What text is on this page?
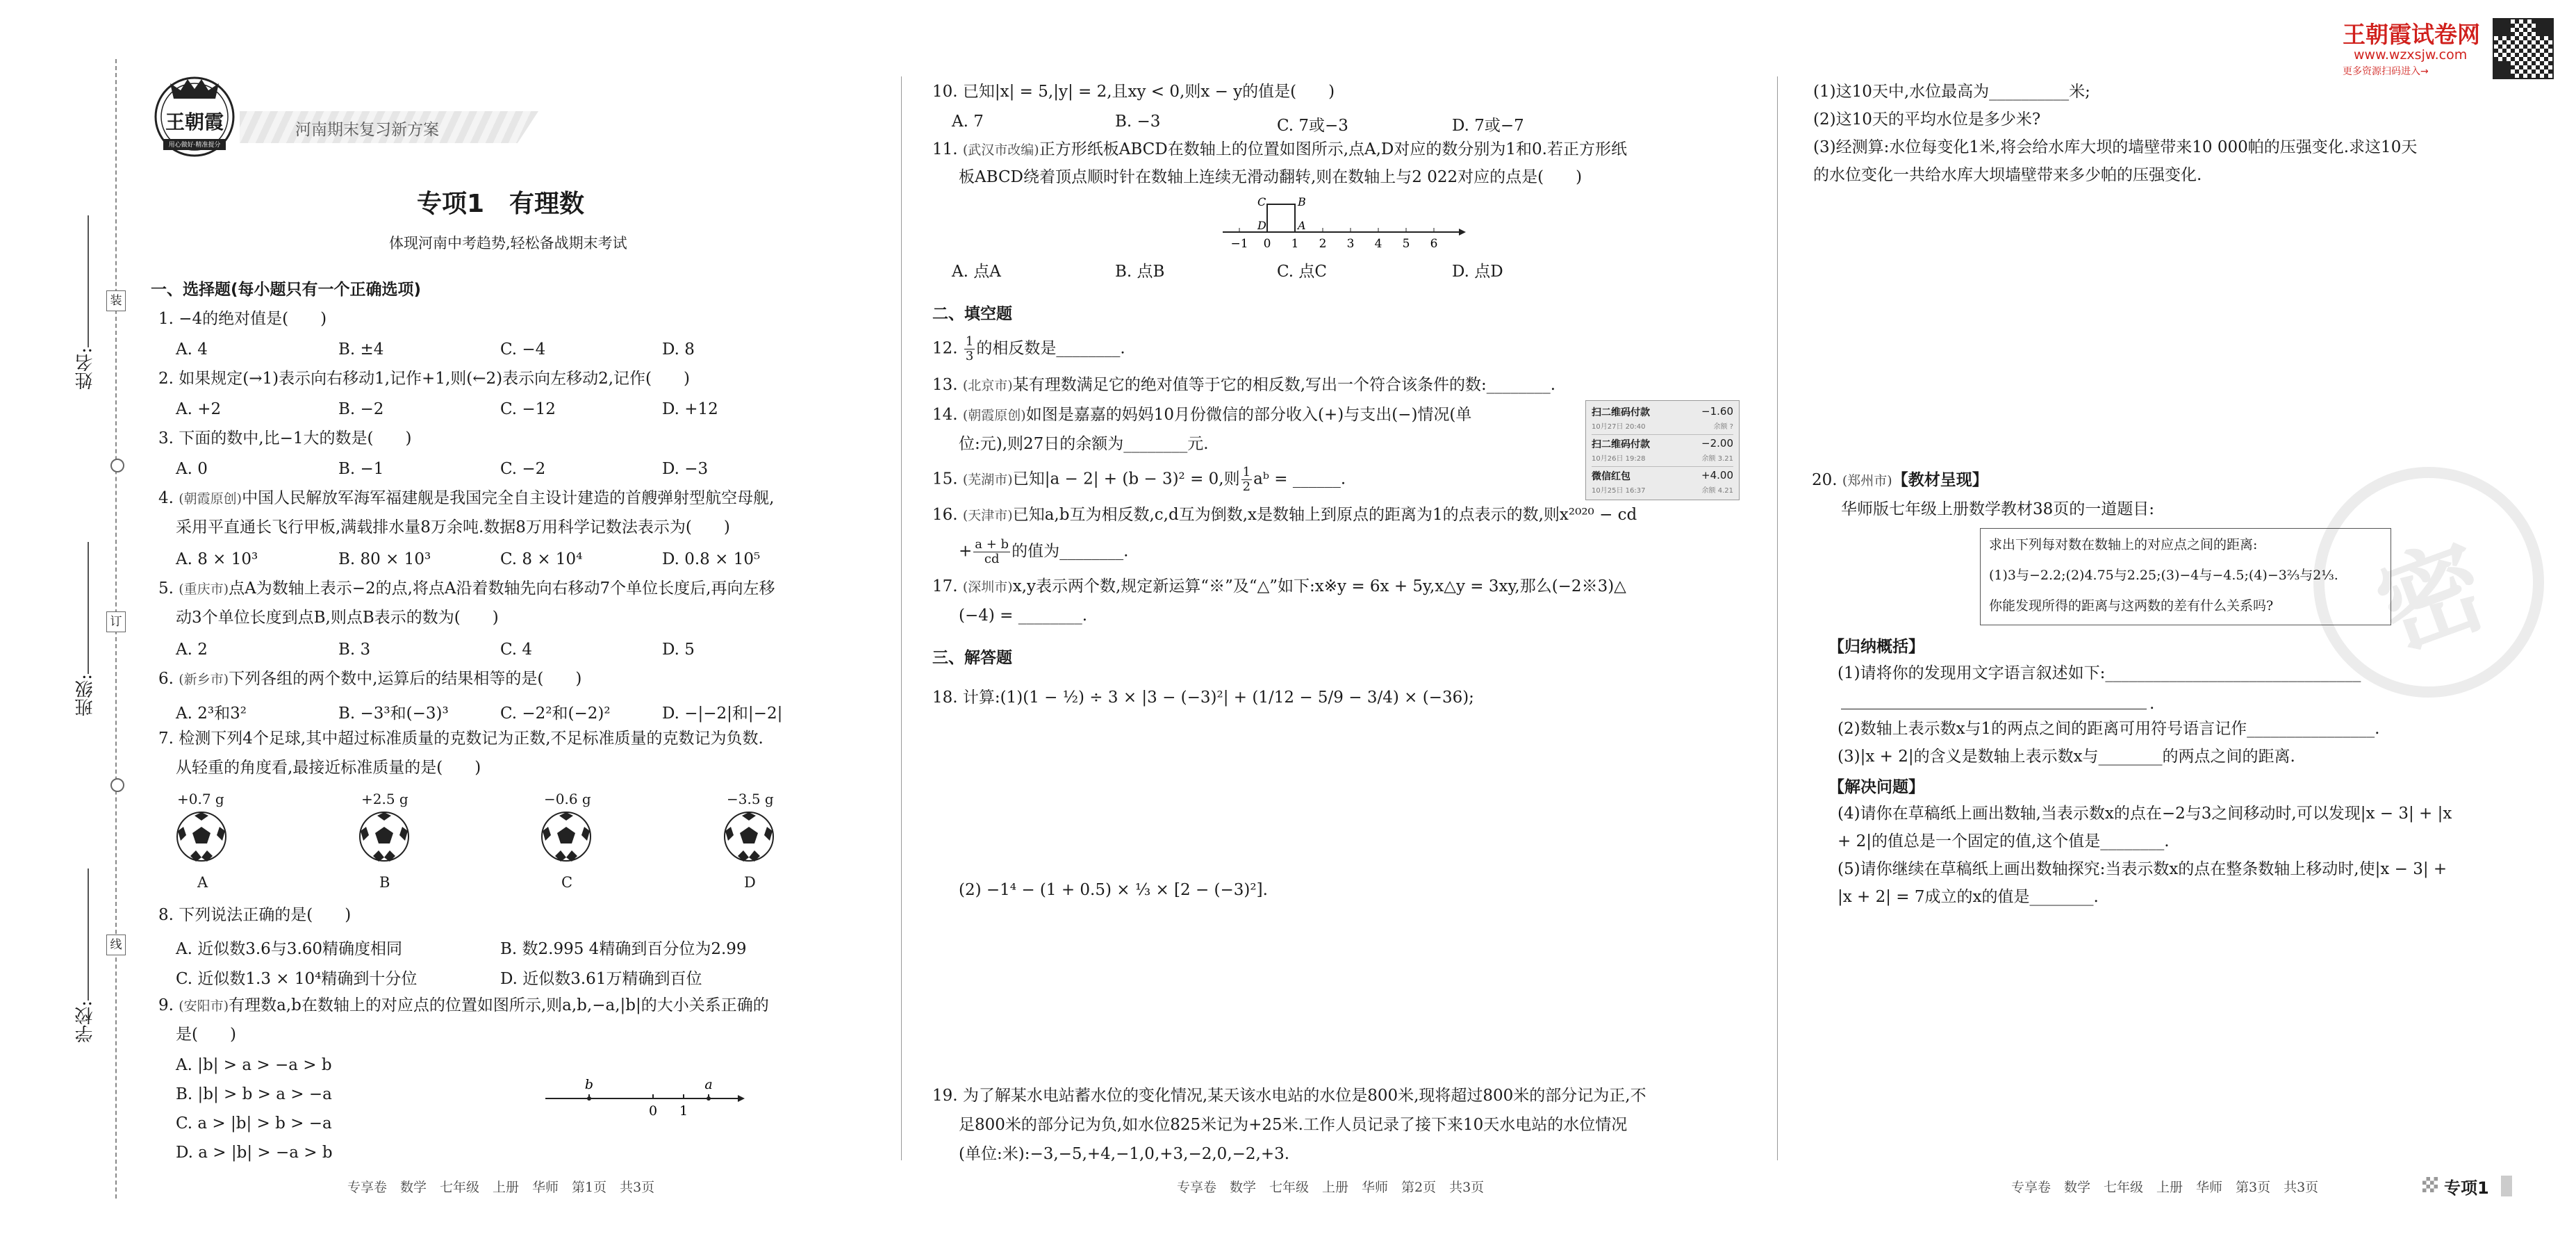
姓名:
班级:
学校:
装
订
线
王朝霞
用心做好·精准提分
河南期末复习新方案
专项1　有理数
体现河南中考趋势,轻松备战期末考试
一、选择题(每小题只有一个正确选项)
1. −4的绝对值是(　　)
A. 4	B. ±4	C. −4	D. 8
2. 如果规定(→1)表示向右移动1,记作+1,则(←2)表示向左移动2,记作(　　)
A. +2	B. −2	C. −12	D. +12
3. 下面的数中,比−1大的数是(　　)
A. 0	B. −1	C. −2	D. −3
4. (朝霞原创)中国人民解放军海军福建舰是我国完全自主设计建造的首艘弹射型航空母舰,
采用平直通长飞行甲板,满载排水量8万余吨.数据8万用科学记数法表示为(　　)
A. 8 × 10³	B. 80 × 10³	C. 8 × 10⁴	D. 0.8 × 10⁵
5. (重庆市)点A为数轴上表示−2的点,将点A沿着数轴先向右移动7个单位长度后,再向左移
动3个单位长度到点B,则点B表示的数为(　　)
A. 2	B. 3	C. 4	D. 5
6. (新乡市)下列各组的两个数中,运算后的结果相等的是(　　)
A. 2³和3²	B. −3³和(−3)³	C. −2²和(−2)²	D. −|−2|和|−2|
7. 检测下列4个足球,其中超过标准质量的克数记为正数,不足标准质量的克数记为负数.
从轻重的角度看,最接近标准质量的是(　　)
+0.7 g	+2.5 g	−0.6 g	−3.5 g
A	B	C	D
8. 下列说法正确的是(　　)
A. 近似数3.6与3.60精确度相同	B. 数2.995 4精确到百分位为2.99
C. 近似数1.3 × 10⁴精确到十分位	D. 近似数3.61万精确到百位
9. (安阳市)有理数a,b在数轴上的对应点的位置如图所示,则a,b,−a,|b|的大小关系正确的
是(　　)
A. |b| > a > −a > b
B. |b| > b > a > −a
C. a > |b| > b > −a
D. a > |b| > −a > b
b
0 1
a
专享卷　数学　七年级　上册　华师　第1页　共3页
10. 已知|x| = 5,|y| = 2,且xy < 0,则x − y的值是(　　)
A. 7	B. −3	C. 7或−3	D. 7或−7
11. (武汉市改编)正方形纸板ABCD在数轴上的位置如图所示,点A,D对应的数分别为1和0.若正方形纸
板ABCD绕着顶点顺时针在数轴上连续无滑动翻转,则在数轴上与2 022对应的点是(　　)
−1 0 1 2 3 4 5 6
C	B
D	A
A. 点A	B. 点B	C. 点C	D. 点D
二、填空题
12. $\frac{1}{3}$ 的相反数是________.
13. (北京市)某有理数满足它的绝对值等于它的相反数,写出一个符合该条件的数:________.
14. (朝霞原创)如图是嘉嘉的妈妈10月份微信的部分收入(+)与支出(−)情况(单
位:元),则27日的余额为________元.
扫二维码付款	−1.60
10月27日 20:40	余额 ?
扫二维码付款	−2.00
10月26日 19:28	余额 3.21
微信红包	+4.00
10月25日 16:37	余额 4.21
15. (芜湖市)已知|a − 2| + (b − 3)² = 0,则 $\frac{1}{2}$ aᵇ = ______.
16. (天津市)已知a,b互为相反数,c,d互为倒数,x是数轴上到原点的距离为1的点表示的数,则x²⁰²⁰ − cd
+ $\frac{a + b}{cd}$ 的值为________.
17. (深圳市)x,y表示两个数,规定新运算“※”及“△”如下:x※y = 6x + 5y,x△y = 3xy,那么(−2※3)△
(−4) = ________.
三、解答题
18. 计算:(1)(1 − ½) ÷ 3 × |3 − (−3)²| + (1/12 − 5/9 − 3/4) × (−36);
(2) −1⁴ − (1 + 0.5) × ⅓ × [2 − (−3)²].
19. 为了解某水电站蓄水位的变化情况,某天该水电站的水位是800米,现将超过800米的部分记为正,不
足800米的部分记为负,如水位825米记为+25米.工作人员记录了接下来10天水电站的水位情况
(单位:米):−3,−5,+4,−1,0,+3,−2,0,−2,+3.
专享卷　数学　七年级　上册　华师　第2页　共3页
王朝霞试卷网
www.wzxsjw.com
更多资源扫码进入→
密
(1)这10天中,水位最高为__________米;
(2)这10天的平均水位是多少米?
(3)经测算:水位每变化1米,将会给水库大坝的墙壁带来10 000帕的压强变化.求这10天
的水位变化一共给水库大坝墙壁带来多少帕的压强变化.
20. (郑州市)【教材呈现】
华师版七年级上册数学教材38页的一道题目:
求出下列每对数在数轴上的对应点之间的距离:
(1)3与−2.2;(2)4.75与2.25;(3)−4与−4.5;(4)−3⅔与2⅓.
你能发现所得的距离与这两数的差有什么关系吗?
【归纳概括】
(1)请将你的发现用文字语言叙述如下:________________________________
.
(2)数轴上表示数x与1的两点之间的距离可用符号语言记作________________.
(3)|x + 2|的含义是数轴上表示数x与________的两点之间的距离.
【解决问题】
(4)请你在草稿纸上画出数轴,当表示数x的点在−2与3之间移动时,可以发现|x − 3| + |x
+ 2|的值总是一个固定的值,这个值是________.
(5)请你继续在草稿纸上画出数轴探究:当表示数x的点在整条数轴上移动时,使|x − 3| +
|x + 2| = 7成立的x的值是________.
专享卷　数学　七年级　上册　华师　第3页　共3页	专项1
